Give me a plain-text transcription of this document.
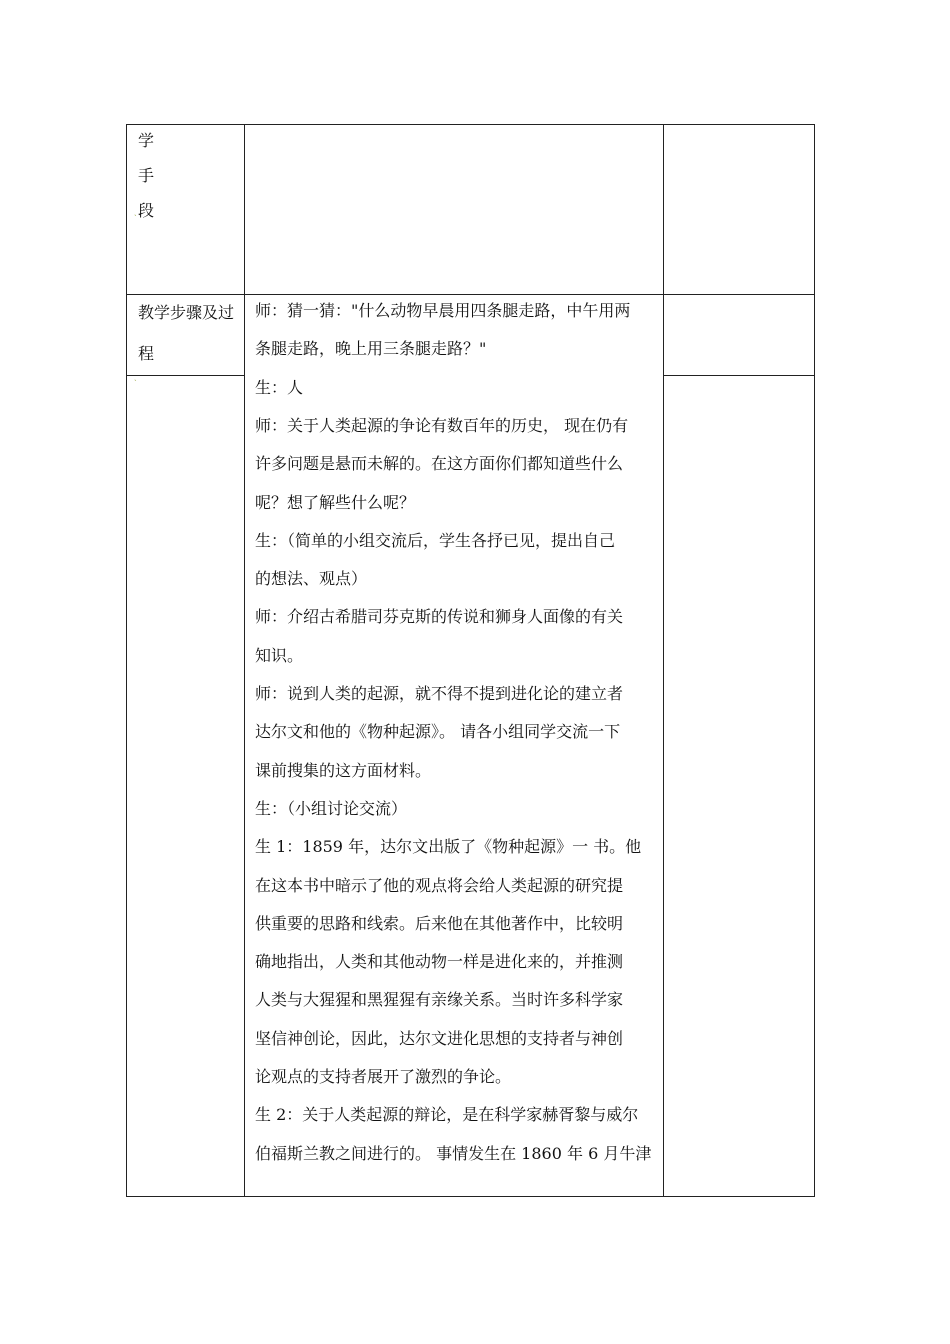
学
手
段
ˏ
教学步骤及过
程
ˏ
师：猜一猜："什么动物早晨用四条腿走路，中午用两
条腿走路，晚上用三条腿走路？"
生：人
师：关于人类起源的争论有数百年的历史， 现在仍有
许多问题是悬而未解的。在这方面你们都知道些什么
呢？想了解些什么呢？
生：（简单的小组交流后，学生各抒已见，提出自己
的想法、观点）
师：介绍古希腊司芬克斯的传说和狮身人面像的有关
知识。
师：说到人类的起源，就不得不提到进化论的建立者
达尔文和他的《物种起源》。 请各小组同学交流一下
课前搜集的这方面材料。
生：（小组讨论交流）
生 1：1859 年，达尔文出版了《物种起源》一 书。他
在这本书中暗示了他的观点将会给人类起源的研究提
供重要的思路和线索。后来他在其他著作中，比较明
确地指出，人类和其他动物一样是进化来的，并推测
人类与大猩猩和黑猩猩有亲缘关系。当时许多科学家
坚信神创论，因此，达尔文进化思想的支持者与神创
论观点的支持者展开了激烈的争论。
生 2：关于人类起源的辩论，是在科学家赫胥黎与威尔
伯福斯兰教之间进行的。 事情发生在 1860 年 6 月牛津
